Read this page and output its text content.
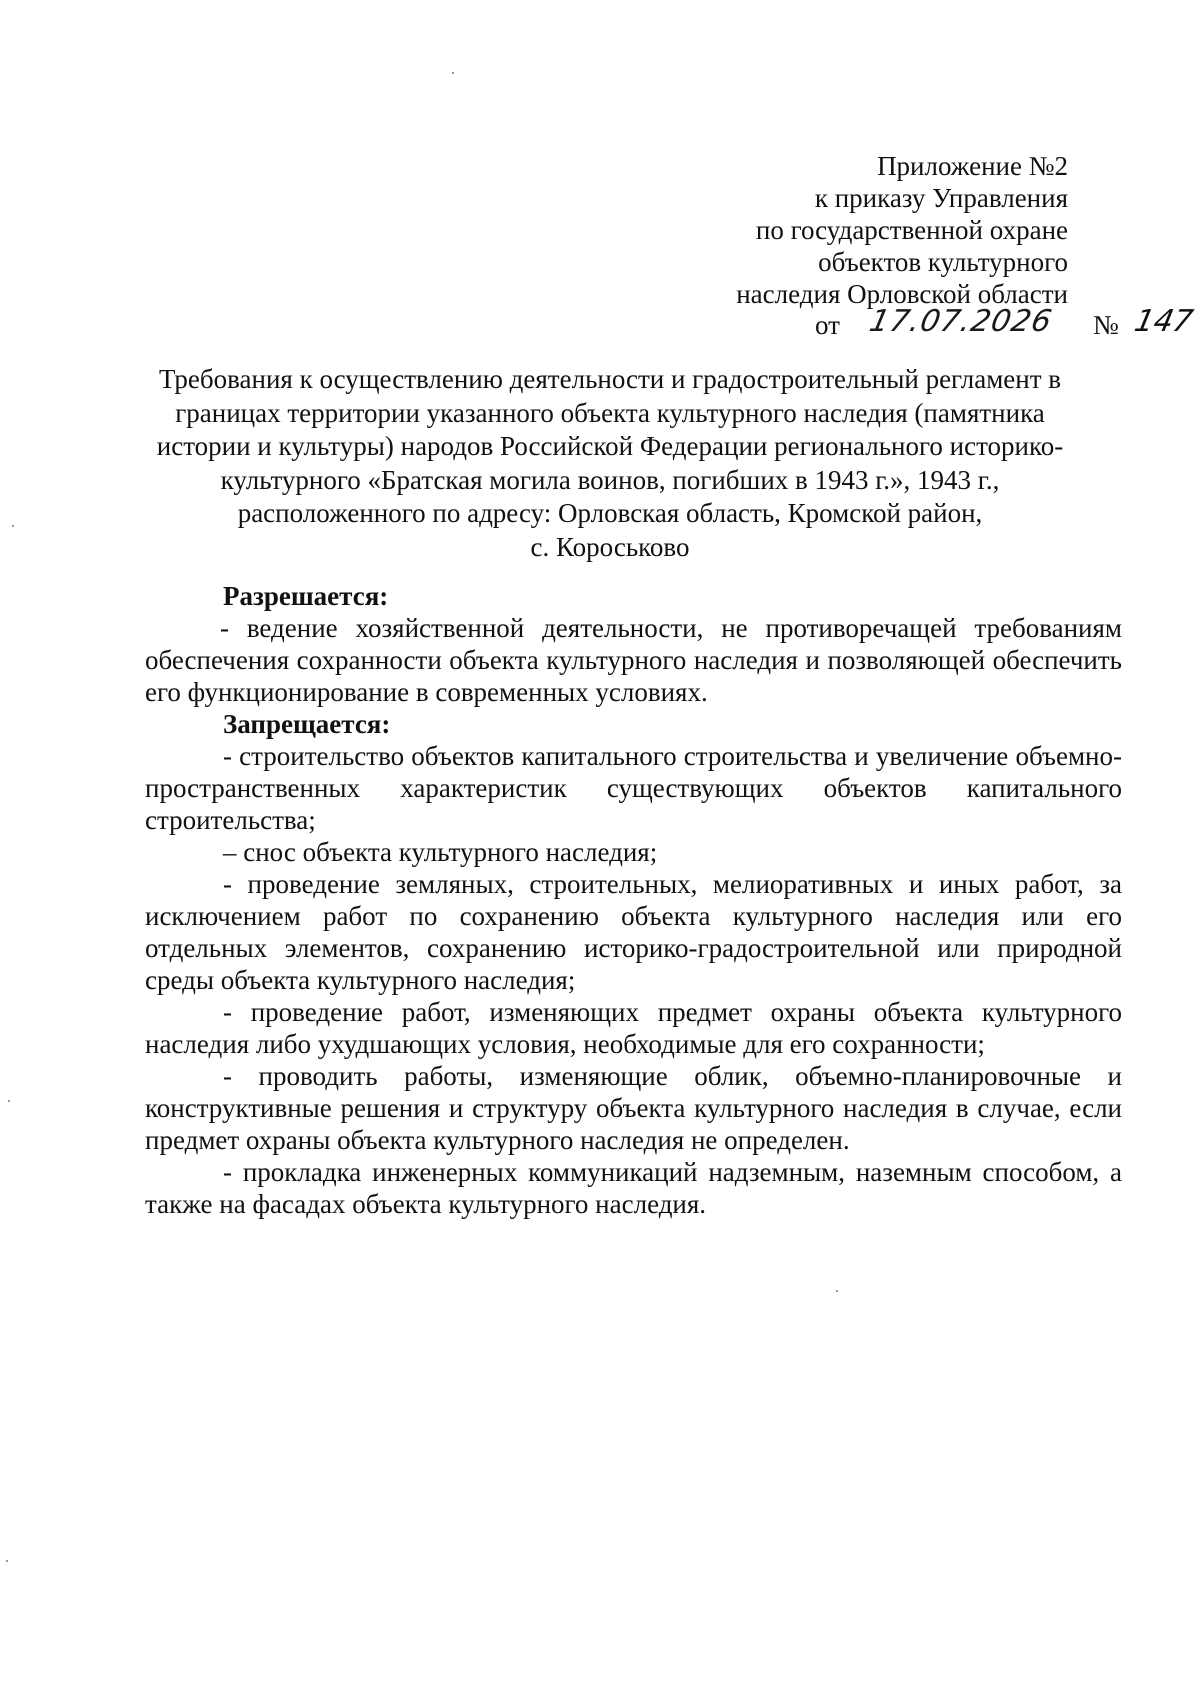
Приложение №2
к приказу Управления
по государственной охране
объектов культурного
наследия Орловской области
от 17.07.2026 № 147
Требования к осуществлению деятельности и градостроительный регламент в
границах территории указанного объекта культурного наследия (памятника
истории и культуры) народов Российской Федерации регионального историко-
культурного «Братская могила воинов, погибших в 1943 г.», 1943 г.,
расположенного по адресу: Орловская область, Кромской район,
с. Короськово
Разрешается:

- ведение хозяйственной деятельности, не противоречащей требованиям обеспечения сохранности объекта культурного наследия и позволяющей обеспечить его функционирование в современных условиях.

Запрещается:

- строительство объектов капитального строительства и увеличение объемно-пространственных характеристик существующих объектов капитального строительства;

– снос объекта культурного наследия;

- проведение земляных, строительных, мелиоративных и иных работ, за исключением работ по сохранению объекта культурного наследия или его отдельных элементов, сохранению историко-градостроительной или природной среды объекта культурного наследия;

- проведение работ, изменяющих предмет охраны объекта культурного наследия либо ухудшающих условия, необходимые для его сохранности;

- проводить работы, изменяющие облик, объемно-планировочные и конструктивные решения и структуру объекта культурного наследия в случае, если предмет охраны объекта культурного наследия не определен.

- прокладка инженерных коммуникаций надземным, наземным способом, а также на фасадах объекта культурного наследия.
